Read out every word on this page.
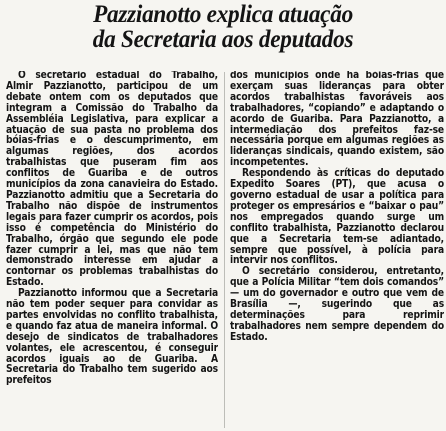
Pazzianotto explica atuação
da Secretaria aos deputados

O secretário estadual do Trabalho, Almir Pazzianotto, participou de um debate ontem com os deputados que integram a Comissão do Trabalho da Assembléia Legislativa, para explicar a atuação de sua pasta no problema dos bóias-frias e o descumprimento, em algumas regiões, dos acordos trabalhistas que puseram fim aos conflitos de Guariba e de outros municípios da zona canavieira do Estado. Pazzianotto admitiu que a Secretaria do Trabalho não dispõe de instrumentos legais para fazer cumprir os acordos, pois isso é competência do Ministério do Trabalho, órgão que segundo ele pode fazer cumprir a lei, mas que não tem demonstrado interesse em ajudar a contornar os problemas trabalhistas do Estado.

Pazzianotto informou que a Secretaria não tem poder sequer para convidar as partes envolvidas no conflito trabalhista, e quando faz atua de maneira informal. O desejo de sindicatos de trabalhadores volantes, ele acrescentou, é conseguir acordos iguais ao de Guariba. A Secretaria do Trabalho tem sugerido aos prefeitos

dos municípios onde há bóias-frias que exerçam suas lideranças para obter acordos trabalhistas favoráveis aos trabalhadores, “copiando” e adaptando o acordo de Guariba. Para Pazzianotto, a intermediação dos prefeitos faz-se necessária porque em algumas regiões as lideranças sindicais, quando existem, são incompetentes.

Respondendo às críticas do deputado Expedito Soares (PT), que acusa o governo estadual de usar a política para proteger os empresários e “baixar o pau” nos empregados quando surge um conflito trabalhista, Pazzianotto declarou que a Secretaria tem-se adiantado, sempre que possível, à polícia para intervir nos conflitos.

O secretário considerou, entretanto, que a Polícia Militar “tem dois comandos” — um do governador e outro que vem de Brasília —, sugerindo que as determinações para reprimir trabalhadores nem sempre dependem do Estado.
